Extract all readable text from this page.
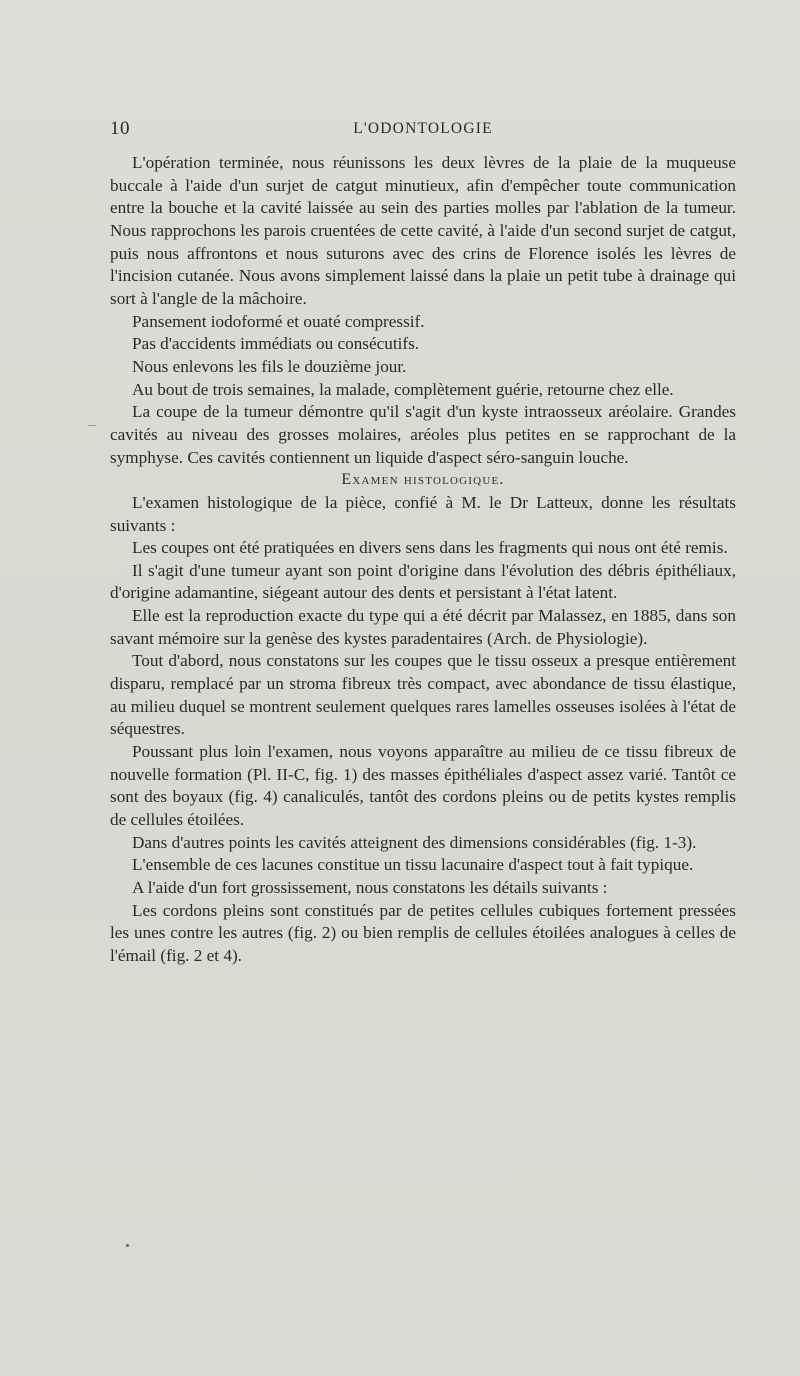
10	L'ODONTOLOGIE

L'opération terminée, nous réunissons les deux lèvres de la plaie de la muqueuse buccale à l'aide d'un surjet de catgut minutieux, afin d'empêcher toute communication entre la bouche et la cavité laissée au sein des parties molles par l'ablation de la tumeur. Nous rapprochons les parois cruentées de cette cavité, à l'aide d'un second surjet de catgut, puis nous affrontons et nous suturons avec des crins de Florence isolés les lèvres de l'incision cutanée. Nous avons simplement laissé dans la plaie un petit tube à drainage qui sort à l'angle de la mâchoire.

Pansement iodoformé et ouaté compressif.

Pas d'accidents immédiats ou consécutifs.

Nous enlevons les fils le douzième jour.

Au bout de trois semaines, la malade, complètement guérie, retourne chez elle.

La coupe de la tumeur démontre qu'il s'agit d'un kyste intraosseux aréolaire. Grandes cavités au niveau des grosses molaires, aréoles plus petites en se rapprochant de la symphyse. Ces cavités contiennent un liquide d'aspect séro-sanguin louche.

Examen histologique.

L'examen histologique de la pièce, confié à M. le Dr Latteux, donne les résultats suivants :

Les coupes ont été pratiquées en divers sens dans les fragments qui nous ont été remis.

Il s'agit d'une tumeur ayant son point d'origine dans l'évolution des débris épithéliaux, d'origine adamantine, siégeant autour des dents et persistant à l'état latent.

Elle est la reproduction exacte du type qui a été décrit par Malassez, en 1885, dans son savant mémoire sur la genèse des kystes paradentaires (Arch. de Physiologie).

Tout d'abord, nous constatons sur les coupes que le tissu osseux a presque entièrement disparu, remplacé par un stroma fibreux très compact, avec abondance de tissu élastique, au milieu duquel se montrent seulement quelques rares lamelles osseuses isolées à l'état de séquestres.

Poussant plus loin l'examen, nous voyons apparaître au milieu de ce tissu fibreux de nouvelle formation (Pl. II-C, fig. 1) des masses épithéliales d'aspect assez varié. Tantôt ce sont des boyaux (fig. 4) canaliculés, tantôt des cordons pleins ou de petits kystes remplis de cellules étoilées.

Dans d'autres points les cavités atteignent des dimensions considérables (fig. 1-3).

L'ensemble de ces lacunes constitue un tissu lacunaire d'aspect tout à fait typique.

A l'aide d'un fort grossissement, nous constatons les détails suivants :

Les cordons pleins sont constitués par de petites cellules cubiques fortement pressées les unes contre les autres (fig. 2) ou bien remplis de cellules étoilées analogues à celles de l'émail (fig. 2 et 4).
